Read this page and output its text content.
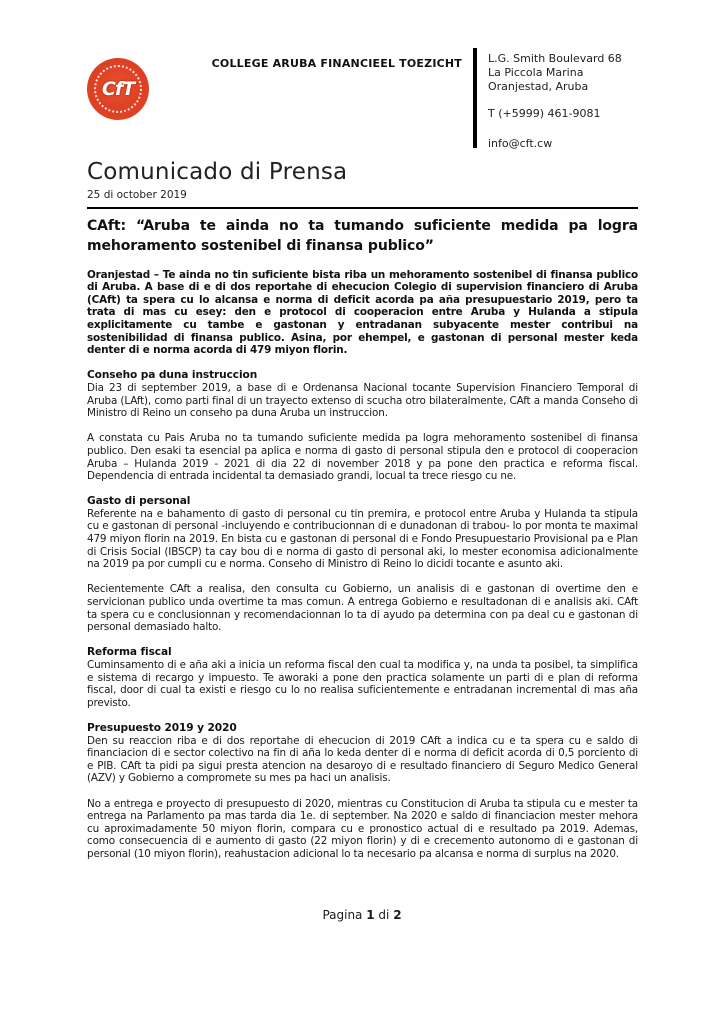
CfT
COLLEGE ARUBA FINANCIEEL TOEZICHT L.G. Smith Boulevard 68
La Piccola Marina
Oranjestad, Aruba
T (+5999) 461-9081
info@cft.cw
Comunicado di Prensa
25 di october 2019
CAft: “Aruba te ainda no ta tumando suficiente medida pa logra mehoramento sostenibel di finansa publico”

Oranjestad – Te ainda no tin suficiente bista riba un mehoramento sostenibel di finansa publico di Aruba. A base di e di dos reportahe di ehecucion Colegio di supervision financiero di Aruba (CAft) ta spera cu lo alcansa e norma di deficit acorda pa aña presupuestario 2019, pero ta trata di mas cu esey: den e protocol di cooperacion entre Aruba y Hulanda a stipula explicitamente cu tambe e gastonan y entradanan subyacente mester contribui na sostenibilidad di finansa publico. Asina, por ehempel, e gastonan di personal mester keda denter di e norma acorda di 479 miyon florin.

Conseho pa duna instruccion

Dia 23 di september 2019, a base di e Ordenansa Nacional tocante Supervision Financiero Temporal di Aruba (LAft), como parti final di un trayecto extenso di scucha otro bilateralmente, CAft a manda Conseho di Ministro di Reino un conseho pa duna Aruba un instruccion.

A constata cu Pais Aruba no ta tumando suficiente medida pa logra mehoramento sostenibel di finansa publico. Den esaki ta esencial pa aplica e norma di gasto di personal stipula den e protocol di cooperacion Aruba – Hulanda 2019 - 2021 di dia 22 di november 2018 y pa pone den practica e reforma fiscal. Dependencia di entrada incidental ta demasiado grandi, locual ta trece riesgo cu ne.

Gasto di personal

Referente na e bahamento di gasto di personal cu tin premira, e protocol entre Aruba y Hulanda ta stipula cu e gastonan di personal -incluyendo e contribucionnan di e dunadonan di trabou- lo por monta te maximal 479 miyon florin na 2019. En bista cu e gastonan di personal di e Fondo Presupuestario Provisional pa e Plan di Crisis Social (IBSCP) ta cay bou di e norma di gasto di personal aki, lo mester economisa adicionalmente na 2019 pa por cumpli cu e norma. Conseho di Ministro di Reino lo dicidi tocante e asunto aki.

Recientemente CAft a realisa, den consulta cu Gobierno, un analisis di e gastonan di overtime den e servicionan publico unda overtime ta mas comun. A entrega Gobierno e resultadonan di e analisis aki. CAft ta spera cu e conclusionnan y recomendacionnan lo ta di ayudo pa determina con pa deal cu e gastonan di personal demasiado halto.

Reforma fiscal

Cuminsamento di e aña aki a inicia un reforma fiscal den cual ta modifica y, na unda ta posibel, ta simplifica e sistema di recargo y impuesto. Te aworaki a pone den practica solamente un parti di e plan di reforma fiscal, door di cual ta existi e riesgo cu lo no realisa suficientemente e entradanan incremental di mas aña previsto.

Presupuesto 2019 y 2020

Den su reaccion riba e di dos reportahe di ehecucion di 2019 CAft a indica cu e ta spera cu e saldo di financiacion di e sector colectivo na fin di aña lo keda denter di e norma di deficit acorda di 0,5 porciento di e PIB. CAft ta pidi pa sigui presta atencion na desaroyo di e resultado financiero di Seguro Medico General (AZV) y Gobierno a compromete su mes pa haci un analisis.

No a entrega e proyecto di presupuesto di 2020, mientras cu Constitucion di Aruba ta stipula cu e mester ta entrega na Parlamento pa mas tarda dia 1e. di september. Na 2020 e saldo di financiacion mester mehora cu aproximadamente 50 miyon florin, compara cu e pronostico actual di e resultado pa 2019. Ademas, como consecuencia di e aumento di gasto (22 miyon florin) y di e crecemento autonomo di e gastonan di personal (10 miyon florin), reahustacion adicional lo ta necesario pa alcansa e norma di surplus na 2020.

Pagina 1 di 2
